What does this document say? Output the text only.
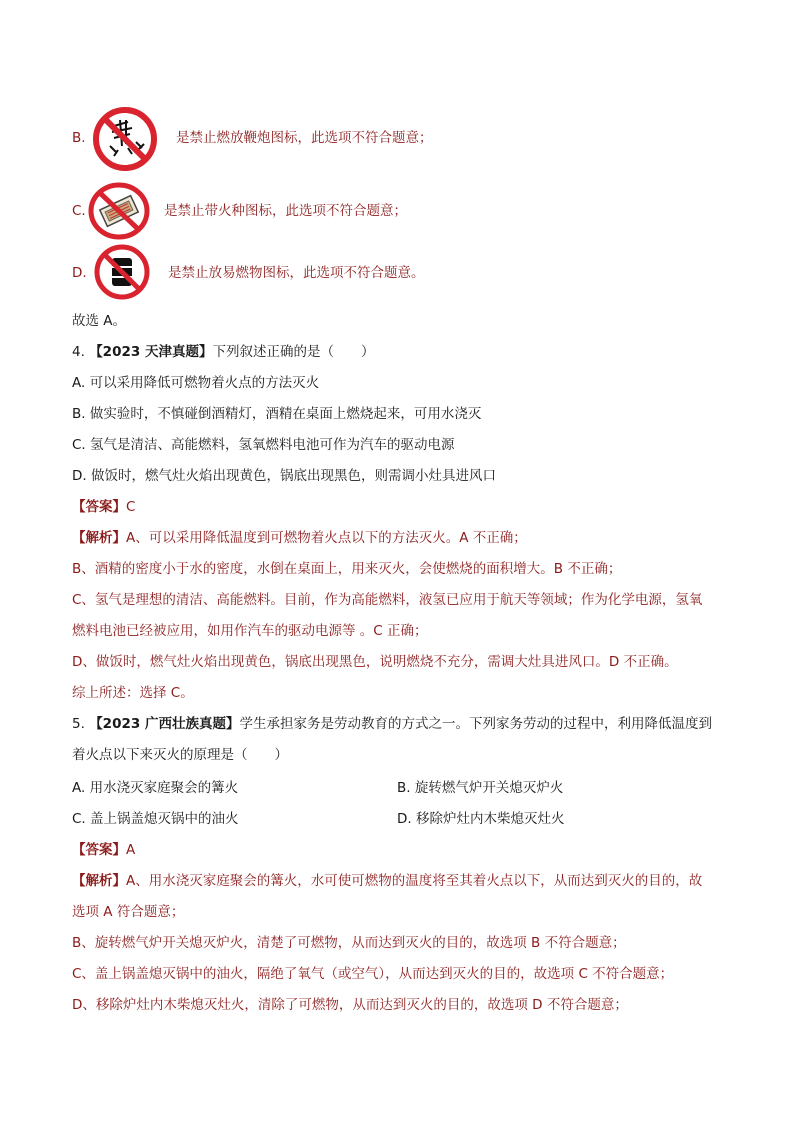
B.	是禁止燃放鞭炮图标，此选项不符合题意；
C.	是禁止带火种图标，此选项不符合题意；
D.	是禁止放易燃物图标，此选项不符合题意。
故选 A。
4. 【2023 天津真题】下列叙述正确的是（　　）
A. 可以采用降低可燃物着火点的方法灭火
B. 做实验时，不慎碰倒酒精灯，酒精在桌面上燃烧起来，可用水浇灭
C. 氢气是清洁、高能燃料，氢氧燃料电池可作为汽车的驱动电源
D. 做饭时，燃气灶火焰出现黄色，锅底出现黑色，则需调小灶具进风口
【答案】C
【解析】A、可以采用降低温度到可燃物着火点以下的方法灭火。A 不正确；
B、酒精的密度小于水的密度，水倒在桌面上，用来灭火，会使燃烧的面积增大。B 不正确；
C、氢气是理想的清洁、高能燃料。目前，作为高能燃料，液氢已应用于航天等领域；作为化学电源，氢氧
燃料电池已经被应用，如用作汽车的驱动电源等 。C 正确；
D、做饭时，燃气灶火焰出现黄色，锅底出现黑色，说明燃烧不充分，需调大灶具进风口。D 不正确。
综上所述：选择 C。
5. 【2023 广西壮族真题】学生承担家务是劳动教育的方式之一。下列家务劳动的过程中，利用降低温度到
着火点以下来灭火的原理是（　　）
A. 用水浇灭家庭聚会的篝火	B. 旋转燃气炉开关熄灭炉火
C. 盖上锅盖熄灭锅中的油火	D. 移除炉灶内木柴熄灭灶火
【答案】A
【解析】A、用水浇灭家庭聚会的篝火，水可使可燃物的温度将至其着火点以下，从而达到灭火的目的，故
选项 A 符合题意；
B、旋转燃气炉开关熄灭炉火，清楚了可燃物，从而达到灭火的目的，故选项 B 不符合题意；
C、盖上锅盖熄灭锅中的油火，隔绝了氧气（或空气），从而达到灭火的目的，故选项 C 不符合题意；
D、移除炉灶内木柴熄灭灶火，清除了可燃物，从而达到灭火的目的，故选项 D 不符合题意；
